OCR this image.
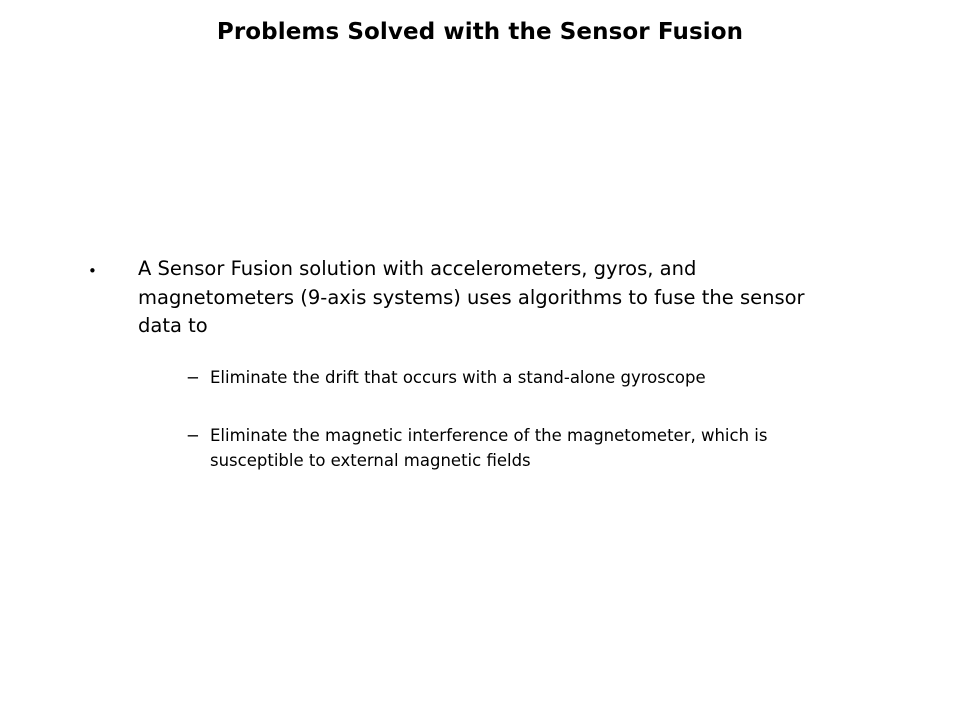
Problems Solved with the Sensor Fusion
• A Sensor Fusion solution with accelerometers, gyros, and magnetometers (9-axis systems) uses algorithms to fuse the sensor data to
− Eliminate the drift that occurs with a stand-alone gyroscope
− Eliminate the magnetic interference of the magnetometer, which is susceptible to external magnetic fields
